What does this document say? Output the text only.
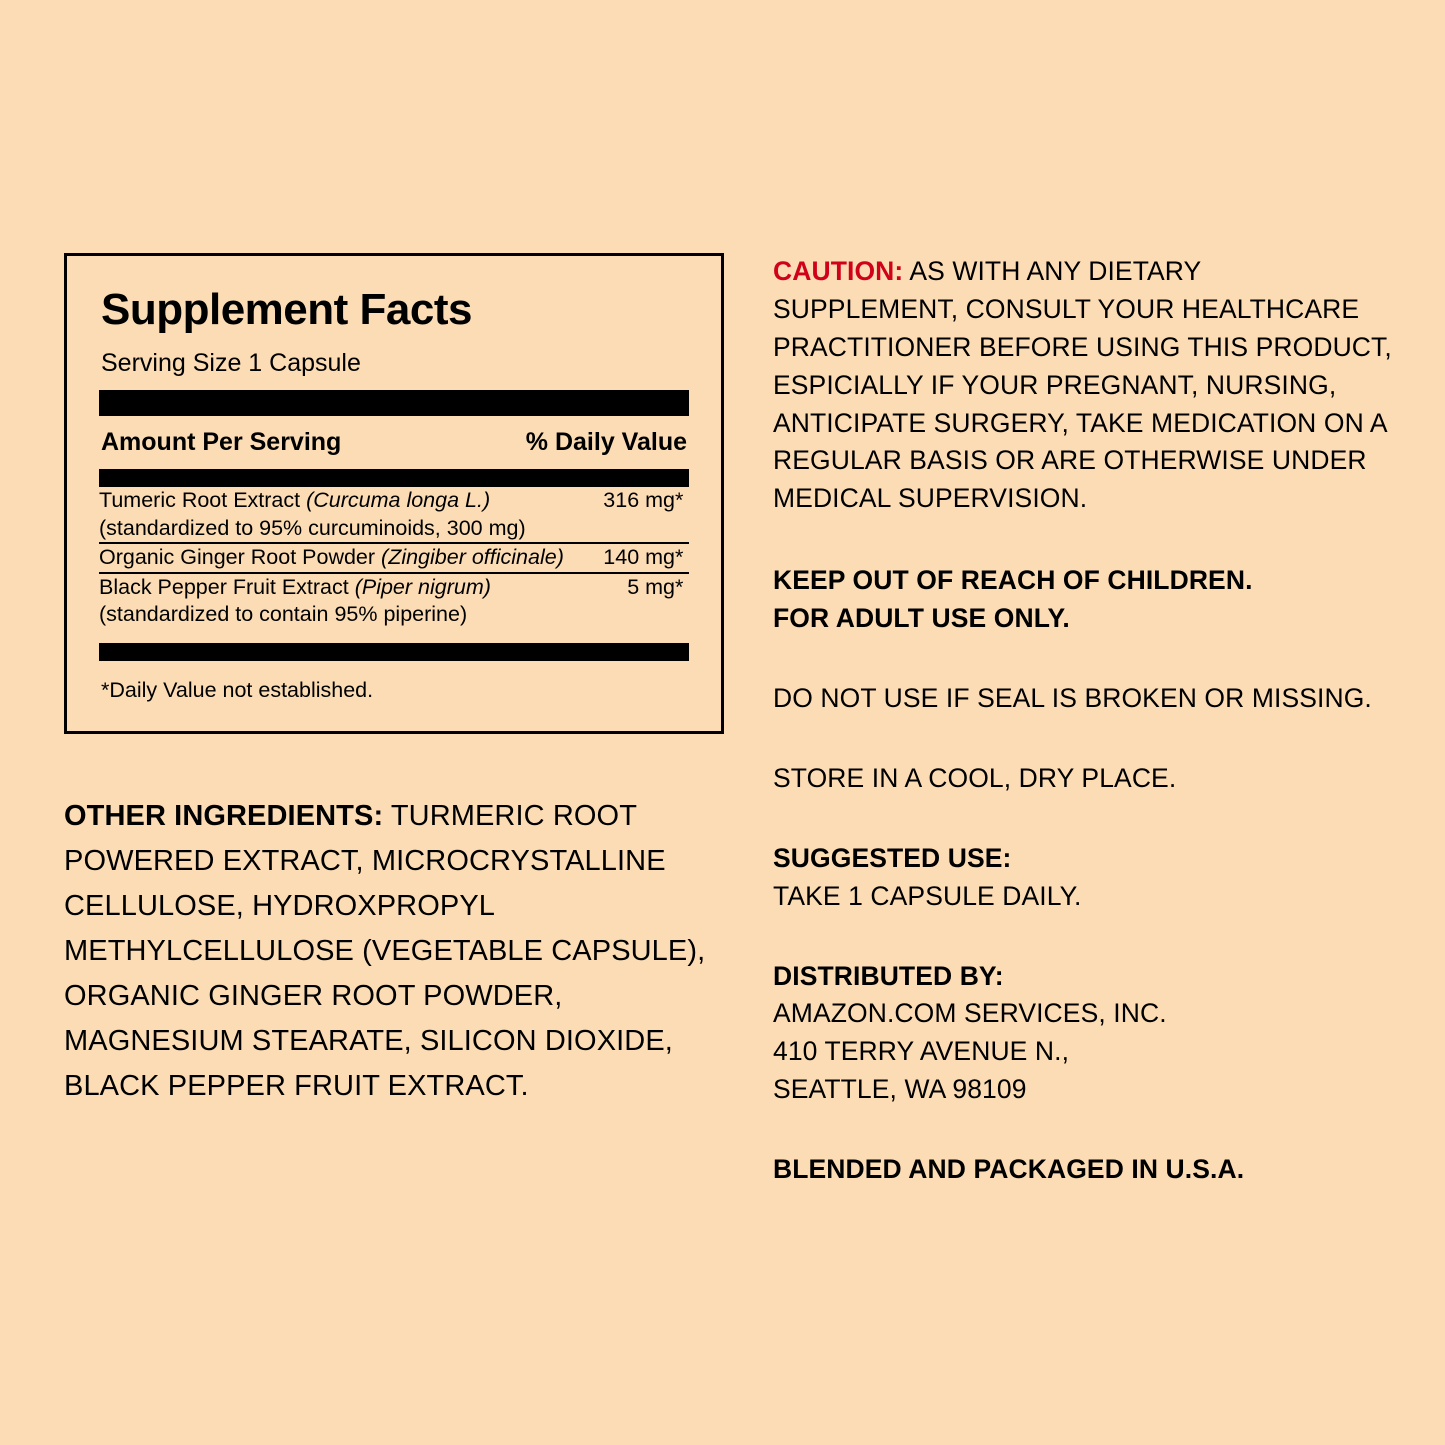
Supplement Facts
Serving Size 1 Capsule
Amount Per Serving	% Daily Value
Tumeric Root Extract (Curcuma longa L.)
(standardized to 95% curcuminoids, 300 mg)	316 mg	*
Organic Ginger Root Powder (Zingiber officinale)	140 mg	*
Black Pepper Fruit Extract (Piper nigrum)
(standardized to contain 95% piperine)	5 mg	*
*Daily Value not established.
OTHER INGREDIENTS: TURMERIC ROOT POWERED EXTRACT, MICROCRYSTALLINE CELLULOSE, HYDROXPROPYL METHYLCELLULOSE (VEGETABLE CAPSULE), ORGANIC GINGER ROOT POWDER, MAGNESIUM STEARATE, SILICON DIOXIDE, BLACK PEPPER FRUIT EXTRACT.
CAUTION: AS WITH ANY DIETARY SUPPLEMENT, CONSULT YOUR HEALTHCARE PRACTITIONER BEFORE USING THIS PRODUCT, ESPICIALLY IF YOUR PREGNANT, NURSING, ANTICIPATE SURGERY, TAKE MEDICATION ON A REGULAR BASIS OR ARE OTHERWISE UNDER MEDICAL SUPERVISION.
KEEP OUT OF REACH OF CHILDREN.
FOR ADULT USE ONLY.
DO NOT USE IF SEAL IS BROKEN OR MISSING.
STORE IN A COOL, DRY PLACE.
SUGGESTED USE:
TAKE 1 CAPSULE DAILY.
DISTRIBUTED BY:
AMAZON.COM SERVICES, INC.
410 TERRY AVENUE N.,
SEATTLE, WA 98109
BLENDED AND PACKAGED IN U.S.A.
